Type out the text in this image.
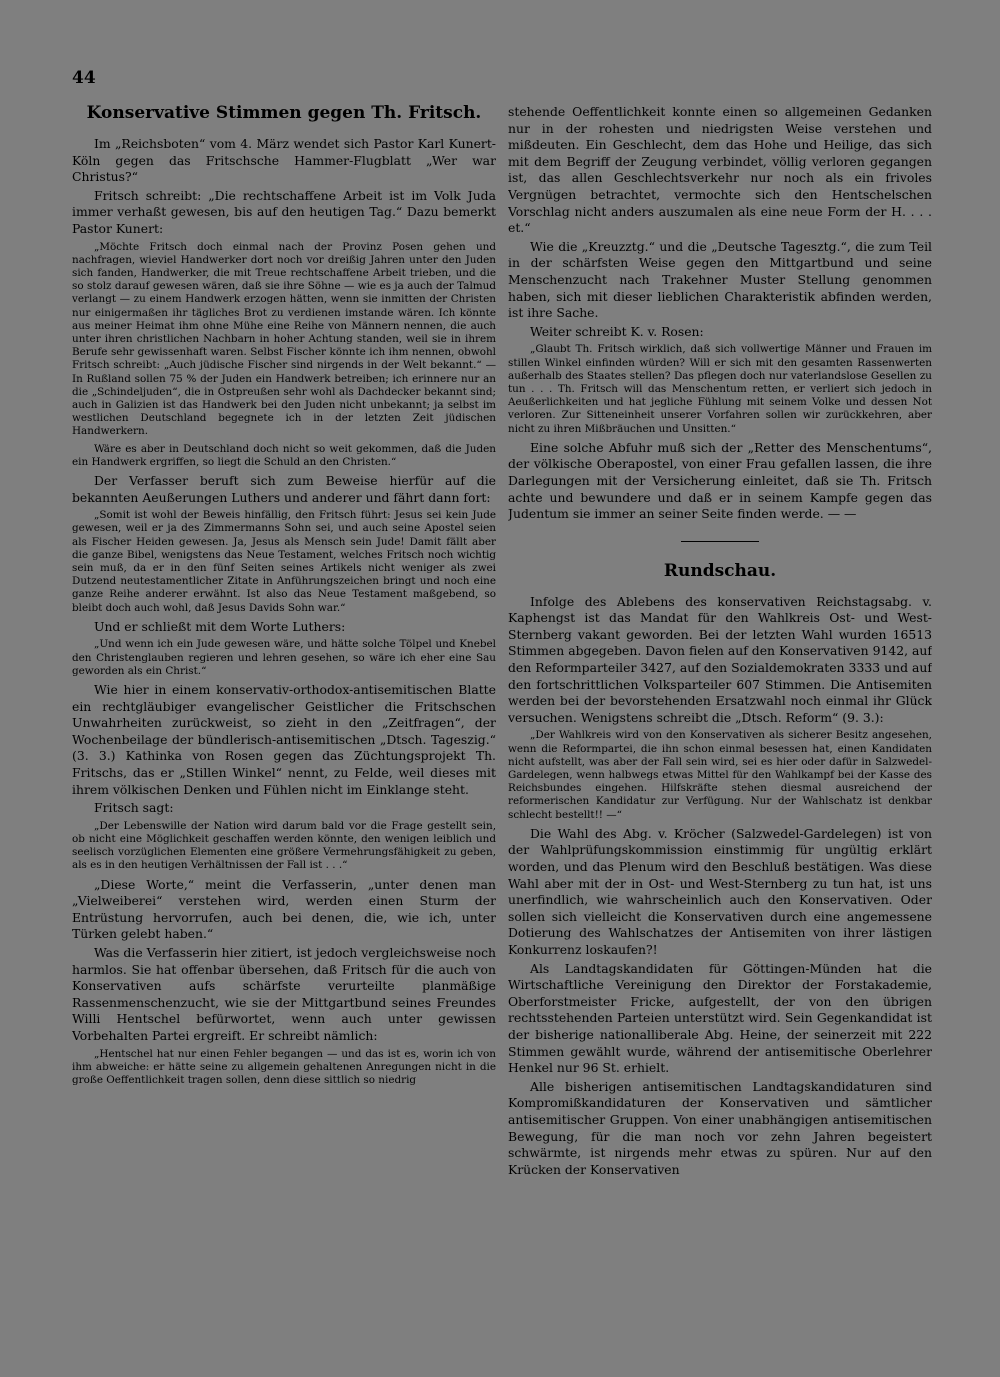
44
Konservative Stimmen gegen Th. Fritsch.

Im „Reichsboten“ vom 4. März wendet sich Pastor Karl Kunert-Köln gegen das Fritschsche Hammer-Flugblatt „Wer war Christus?“

Fritsch schreibt: „Die rechtschaffene Arbeit ist im Volk Juda immer verhaßt gewesen, bis auf den heutigen Tag.“ Dazu bemerkt Pastor Kunert:

„Möchte Fritsch doch einmal nach der Provinz Posen gehen und nachfragen, wieviel Handwerker dort noch vor dreißig Jahren unter den Juden sich fanden, Handwerker, die mit Treue rechtschaffene Arbeit trieben, und die so stolz darauf gewesen wären, daß sie ihre Söhne — wie es ja auch der Talmud verlangt — zu einem Handwerk erzogen hätten, wenn sie inmitten der Christen nur einigermaßen ihr tägliches Brot zu verdienen imstande wären. Ich könnte aus meiner Heimat ihm ohne Mühe eine Reihe von Männern nennen, die auch unter ihren christlichen Nachbarn in hoher Achtung standen, weil sie in ihrem Berufe sehr gewissenhaft waren. Selbst Fischer könnte ich ihm nennen, obwohl Fritsch schreibt: „Auch jüdische Fischer sind nirgends in der Welt bekannt.“ — In Rußland sollen 75 % der Juden ein Handwerk betreiben; ich erinnere nur an die „Schindeljuden“, die in Ostpreußen sehr wohl als Dachdecker bekannt sind; auch in Galizien ist das Handwerk bei den Juden nicht unbekannt; ja selbst im westlichen Deutschland begegnete ich in der letzten Zeit jüdischen Handwerkern.

Wäre es aber in Deutschland doch nicht so weit gekommen, daß die Juden ein Handwerk ergriffen, so liegt die Schuld an den Christen.“

Der Verfasser beruft sich zum Beweise hierfür auf die bekannten Aeußerungen Luthers und anderer und fährt dann fort:

„Somit ist wohl der Beweis hinfällig, den Fritsch führt: Jesus sei kein Jude gewesen, weil er ja des Zimmermanns Sohn sei, und auch seine Apostel seien als Fischer Heiden gewesen. Ja, Jesus als Mensch sein Jude! Damit fällt aber die ganze Bibel, wenigstens das Neue Testament, welches Fritsch noch wichtig sein muß, da er in den fünf Seiten seines Artikels nicht weniger als zwei Dutzend neutestamentlicher Zitate in Anführungszeichen bringt und noch eine ganze Reihe anderer erwähnt. Ist also das Neue Testament maßgebend, so bleibt doch auch wohl, daß Jesus Davids Sohn war.“

Und er schließt mit dem Worte Luthers:

„Und wenn ich ein Jude gewesen wäre, und hätte solche Tölpel und Knebel den Christenglauben regieren und lehren gesehen, so wäre ich eher eine Sau geworden als ein Christ.“

Wie hier in einem konservativ-orthodox-antisemitischen Blatte ein rechtgläubiger evangelischer Geistlicher die Fritschschen Unwahrheiten zurückweist, so zieht in den „Zeitfragen“, der Wochenbeilage der bündlerisch-antisemitischen „Dtsch. Tageszig.“ (3. 3.) Kathinka von Rosen gegen das Züchtungsprojekt Th. Fritschs, das er „Stillen Winkel“ nennt, zu Felde, weil dieses mit ihrem völkischen Denken und Fühlen nicht im Einklange steht.

Fritsch sagt:

„Der Lebenswille der Nation wird darum bald vor die Frage gestellt sein, ob nicht eine Möglichkeit geschaffen werden könnte, den wenigen leiblich und seelisch vorzüglichen Elementen eine größere Vermehrungsfähigkeit zu geben, als es in den heutigen Verhältnissen der Fall ist . . .“

„Diese Worte,“ meint die Verfasserin, „unter denen man „Vielweiberei“ verstehen wird, werden einen Sturm der Entrüstung hervorrufen, auch bei denen, die, wie ich, unter Türken gelebt haben.“

Was die Verfasserin hier zitiert, ist jedoch vergleichsweise noch harmlos. Sie hat offenbar übersehen, daß Fritsch für die auch von Konservativen aufs schärfste verurteilte planmäßige Rassenmenschenzucht, wie sie der Mittgartbund seines Freundes Willi Hentschel befürwortet, wenn auch unter gewissen Vorbehalten Partei ergreift. Er schreibt nämlich:

„Hentschel hat nur einen Fehler begangen — und das ist es, worin ich von ihm abweiche: er hätte seine zu allgemein gehaltenen Anregungen nicht in die große Oeffentlichkeit tragen sollen, denn diese sittlich so niedrig

stehende Oeffentlichkeit konnte einen so allgemeinen Gedanken nur in der rohesten und niedrigsten Weise verstehen und mißdeuten. Ein Geschlecht, dem das Hohe und Heilige, das sich mit dem Begriff der Zeugung verbindet, völlig verloren gegangen ist, das allen Geschlechtsverkehr nur noch als ein frivoles Vergnügen betrachtet, vermochte sich den Hentschelschen Vorschlag nicht anders auszumalen als eine neue Form der H. . . . et.“

Wie die „Kreuzztg.“ und die „Deutsche Tagesztg.“, die zum Teil in der schärfsten Weise gegen den Mittgartbund und seine Menschenzucht nach Trakehner Muster Stellung genommen haben, sich mit dieser lieblichen Charakteristik abfinden werden, ist ihre Sache.

Weiter schreibt K. v. Rosen:

„Glaubt Th. Fritsch wirklich, daß sich vollwertige Männer und Frauen im stillen Winkel einfinden würden? Will er sich mit den gesamten Rassenwerten außerhalb des Staates stellen? Das pflegen doch nur vaterlandslose Gesellen zu tun . . . Th. Fritsch will das Menschentum retten, er verliert sich jedoch in Aeußerlichkeiten und hat jegliche Fühlung mit seinem Volke und dessen Not verloren. Zur Sitteneinheit unserer Vorfahren sollen wir zurückkehren, aber nicht zu ihren Mißbräuchen und Unsitten.“

Eine solche Abfuhr muß sich der „Retter des Menschentums“, der völkische Oberapostel, von einer Frau gefallen lassen, die ihre Darlegungen mit der Versicherung einleitet, daß sie Th. Fritsch achte und bewundere und daß er in seinem Kampfe gegen das Judentum sie immer an seiner Seite finden werde. — —

Rundschau.

Infolge des Ablebens des konservativen Reichstagsabg. v. Kaphengst ist das Mandat für den Wahlkreis Ost- und West-Sternberg vakant geworden. Bei der letzten Wahl wurden 16513 Stimmen abgegeben. Davon fielen auf den Konservativen 9142, auf den Reformparteiler 3427, auf den Sozialdemokraten 3333 und auf den fortschrittlichen Volksparteiler 607 Stimmen. Die Antisemiten werden bei der bevorstehenden Ersatzwahl noch einmal ihr Glück versuchen. Wenigstens schreibt die „Dtsch. Reform“ (9. 3.):

„Der Wahlkreis wird von den Konservativen als sicherer Besitz angesehen, wenn die Reformpartei, die ihn schon einmal besessen hat, einen Kandidaten nicht aufstellt, was aber der Fall sein wird, sei es hier oder dafür in Salzwedel-Gardelegen, wenn halbwegs etwas Mittel für den Wahlkampf bei der Kasse des Reichsbundes eingehen. Hilfskräfte stehen diesmal ausreichend der reformerischen Kandidatur zur Verfügung. Nur der Wahlschatz ist denkbar schlecht bestellt!! —“

Die Wahl des Abg. v. Kröcher (Salzwedel-Gardelegen) ist von der Wahlprüfungskommission einstimmig für ungültig erklärt worden, und das Plenum wird den Beschluß bestätigen. Was diese Wahl aber mit der in Ost- und West-Sternberg zu tun hat, ist uns unerfindlich, wie wahrscheinlich auch den Konservativen. Oder sollen sich vielleicht die Konservativen durch eine angemessene Dotierung des Wahlschatzes der Antisemiten von ihrer lästigen Konkurrenz loskaufen?!

Als Landtagskandidaten für Göttingen-Münden hat die Wirtschaftliche Vereinigung den Direktor der Forstakademie, Oberforstmeister Fricke, aufgestellt, der von den übrigen rechtsstehenden Parteien unterstützt wird. Sein Gegenkandidat ist der bisherige nationalliberale Abg. Heine, der seinerzeit mit 222 Stimmen gewählt wurde, während der antisemitische Oberlehrer Henkel nur 96 St. erhielt.

Alle bisherigen antisemitischen Landtagskandidaturen sind Kompromißkandidaturen der Konservativen und sämtlicher antisemitischer Gruppen. Von einer unabhängigen antisemitischen Bewegung, für die man noch vor zehn Jahren begeistert schwärmte, ist nirgends mehr etwas zu spüren. Nur auf den Krücken der Konservativen
